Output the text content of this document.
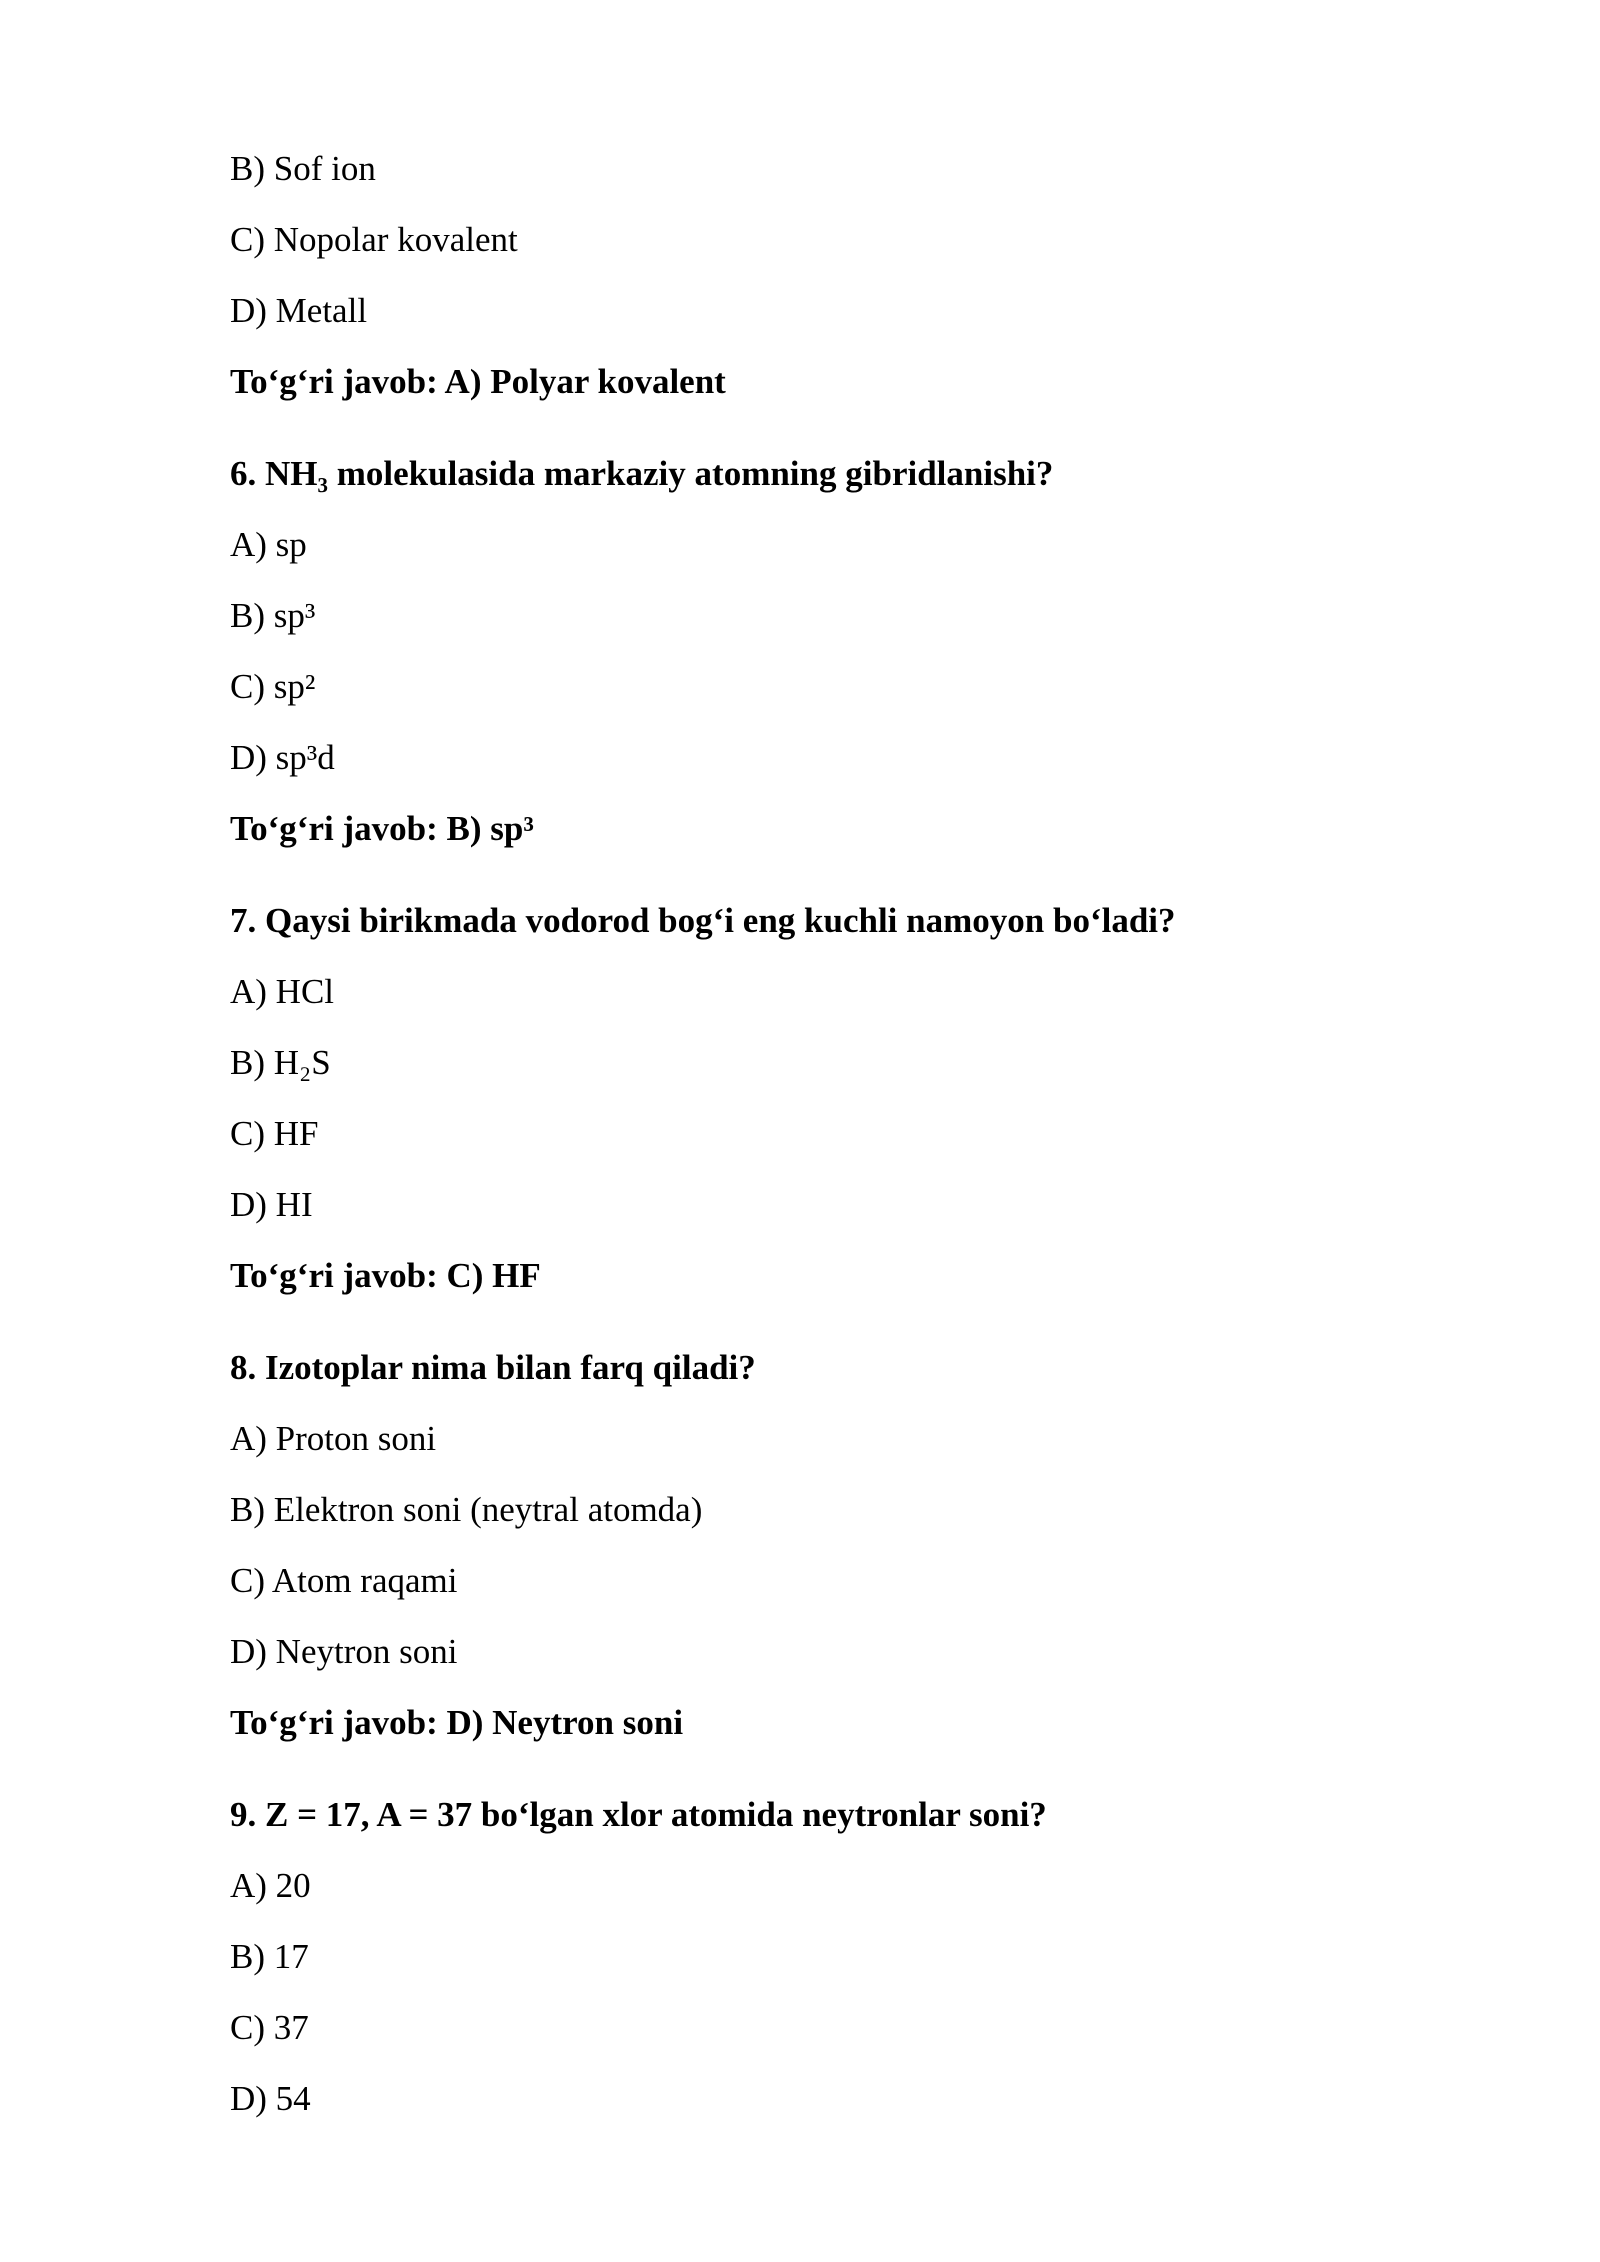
B) Sof ion
C) Nopolar kovalent
D) Metall
To‘g‘ri javob: A) Polyar kovalent
6. NH₃ molekulasida markaziy atomning gibridlanishi?
A) sp
B) sp³
C) sp²
D) sp³d
To‘g‘ri javob: B) sp³
7. Qaysi birikmada vodorod bog‘i eng kuchli namoyon bo‘ladi?
A) HCl
B) H₂S
C) HF
D) HI
To‘g‘ri javob: C) HF
8. Izotoplar nima bilan farq qiladi?
A) Proton soni
B) Elektron soni (neytral atomda)
C) Atom raqami
D) Neytron soni
To‘g‘ri javob: D) Neytron soni
9. Z = 17, A = 37 bo‘lgan xlor atomida neytronlar soni?
A) 20
B) 17
C) 37
D) 54
